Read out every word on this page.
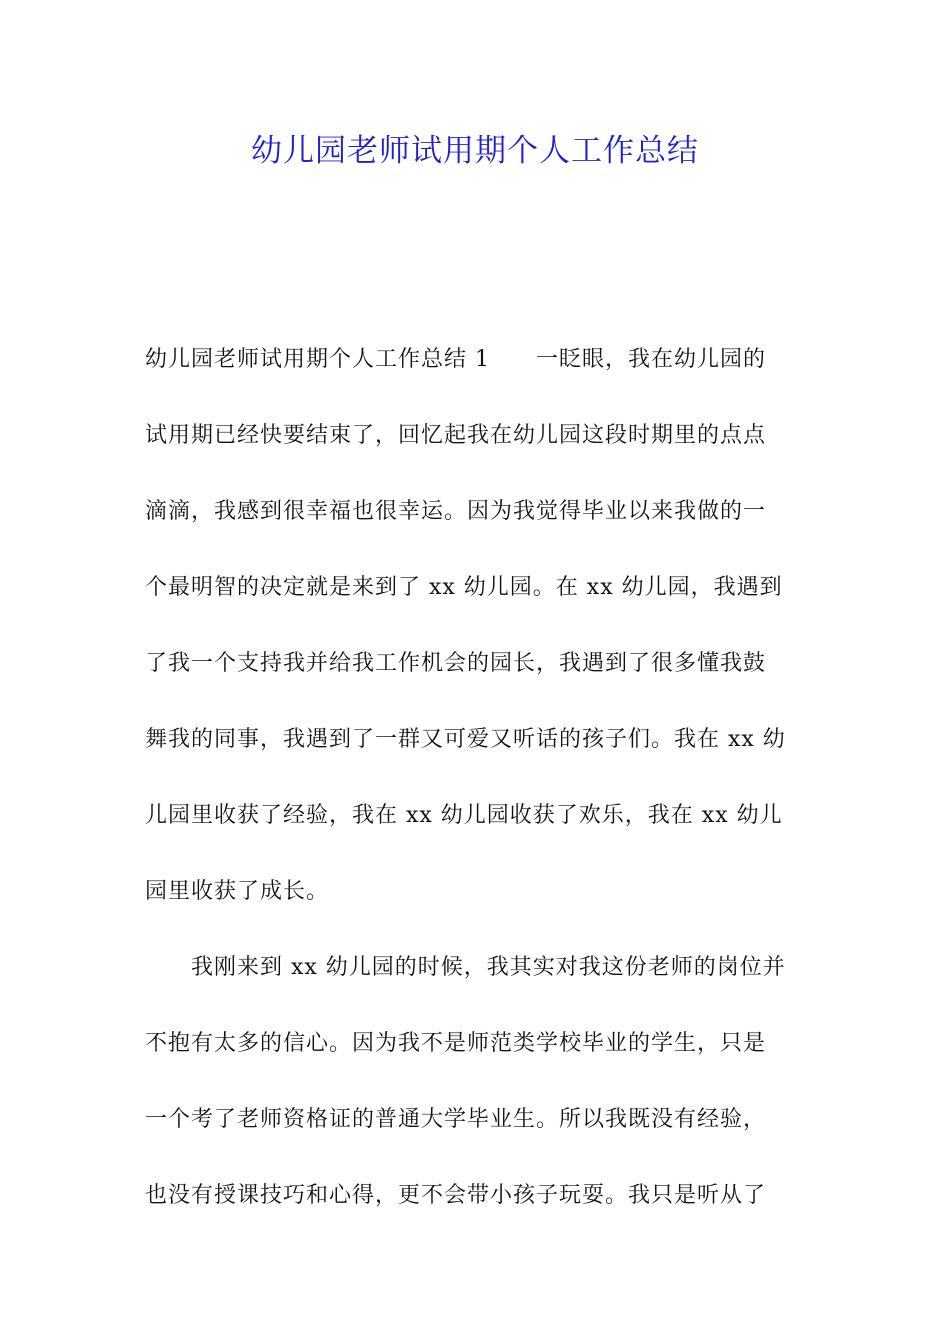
幼儿园老师试用期个人工作总结
幼儿园老师试用期个人工作总结 1　　一眨眼，我在幼儿园的
试用期已经快要结束了，回忆起我在幼儿园这段时期里的点点
滴滴，我感到很幸福也很幸运。因为我觉得毕业以来我做的一
个最明智的决定就是来到了 xx 幼儿园。在 xx 幼儿园，我遇到
了我一个支持我并给我工作机会的园长，我遇到了很多懂我鼓
舞我的同事，我遇到了一群又可爱又听话的孩子们。我在 xx 幼
儿园里收获了经验，我在 xx 幼儿园收获了欢乐，我在 xx 幼儿
园里收获了成长。
　　我刚来到 xx 幼儿园的时候，我其实对我这份老师的岗位并
不抱有太多的信心。因为我不是师范类学校毕业的学生，只是
一个考了老师资格证的普通大学毕业生。所以我既没有经验，
也没有授课技巧和心得，更不会带小孩子玩耍。我只是听从了
